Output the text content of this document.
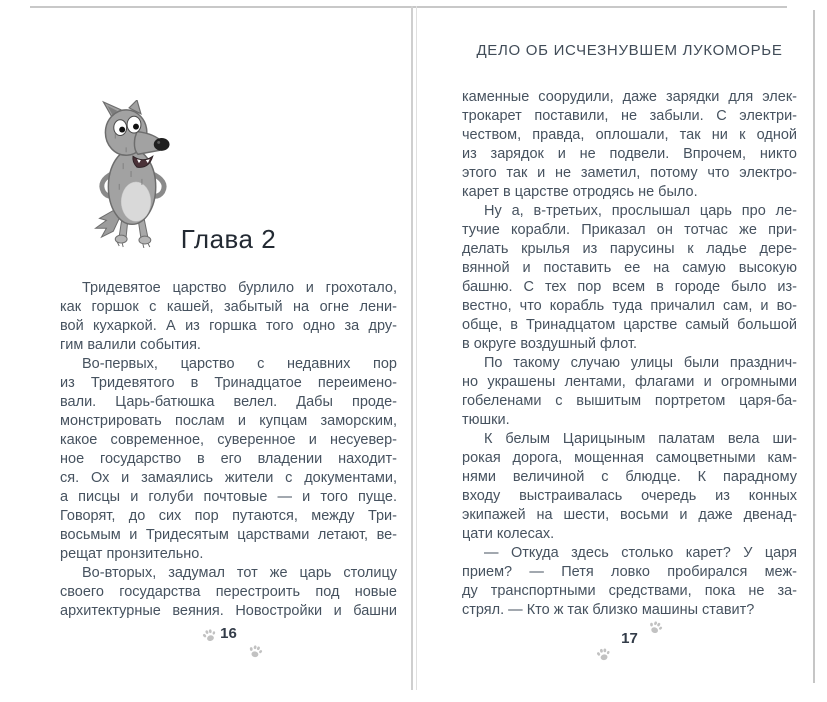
Глава 2
Тридевятое царство бурлило и грохотало,
как горшок с кашей, забытый на огне лени-
вой кухаркой. А из горшка того одно за дру-
гим валили события.
Во-первых, царство с недавних пор
из Тридевятого в Тринадцатое переимено-
вали. Царь-батюшка велел. Дабы проде-
монстрировать послам и купцам заморским,
какое современное, суверенное и несуевер-
ное государство в его владении находит-
ся. Ох и замаялись жители с документами,
а писцы и голуби почтовые — и того пуще.
Говорят, до сих пор путаются, между Три-
восьмым и Тридесятым царствами летают, ве-
рещат пронзительно.
Во-вторых, задумал тот же царь столицу
своего государства перестроить под новые
архитектурные веяния. Новостройки и башни
16
ДЕЛО ОБ ИСЧЕЗНУВШЕМ ЛУКОМОРЬЕ
каменные соорудили, даже зарядки для элек-
трокарет поставили, не забыли. С электри-
чеством, правда, оплошали, так ни к одной
из зарядок и не подвели. Впрочем, никто
этого так и не заметил, потому что электро-
карет в царстве отродясь не было.
Ну а, в-третьих, прослышал царь про ле-
тучие корабли. Приказал он тотчас же при-
делать крылья из парусины к ладье дере-
вянной и поставить ее на самую высокую
башню. С тех пор всем в городе было из-
вестно, что корабль туда причалил сам, и во-
обще, в Тринадцатом царстве самый большой
в округе воздушный флот.
По такому случаю улицы были празднич-
но украшены лентами, флагами и огромными
гобеленами с вышитым портретом царя-ба-
тюшки.
К белым Царицыным палатам вела ши-
рокая дорога, мощенная самоцветными кам-
нями величиной с блюдце. К парадному
входу выстраивалась очередь из конных
экипажей на шести, восьми и даже двенад-
цати колесах.
— Откуда здесь столько карет? У царя
прием? — Петя ловко пробирался меж-
ду транспортными средствами, пока не за-
стрял. — Кто ж так близко машины ставит?
17
